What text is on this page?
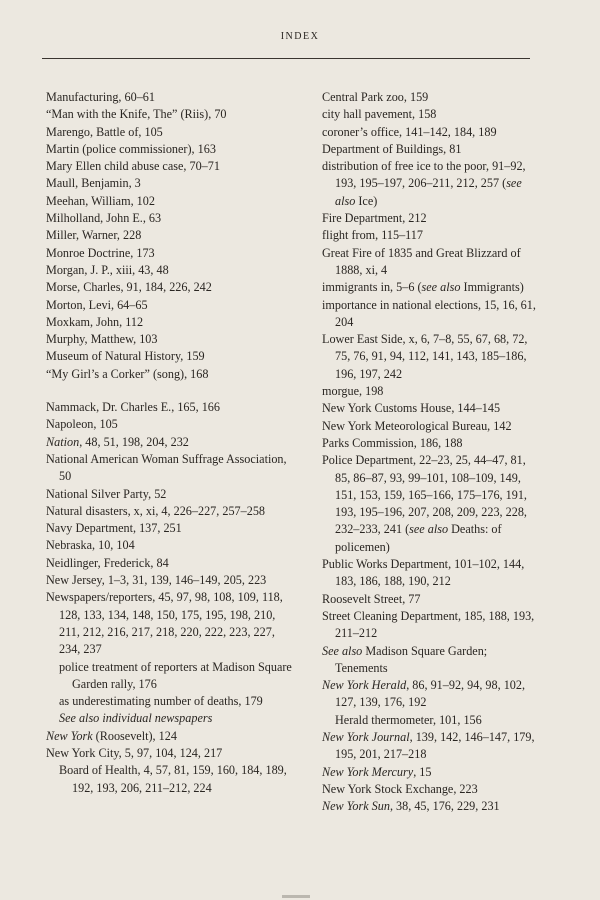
INDEX
Manufacturing, 60–61
“Man with the Knife, The” (Riis), 70
Marengo, Battle of, 105
Martin (police commissioner), 163
Mary Ellen child abuse case, 70–71
Maull, Benjamin, 3
Meehan, William, 102
Milholland, John E., 63
Miller, Warner, 228
Monroe Doctrine, 173
Morgan, J. P., xiii, 43, 48
Morse, Charles, 91, 184, 226, 242
Morton, Levi, 64–65
Moxkam, John, 112
Murphy, Matthew, 103
Museum of Natural History, 159
“My Girl’s a Corker” (song), 168
Nammack, Dr. Charles E., 165, 166
Napoleon, 105
Nation, 48, 51, 198, 204, 232
National American Woman Suffrage Association, 50
National Silver Party, 52
Natural disasters, x, xi, 4, 226–227, 257–258
Navy Department, 137, 251
Nebraska, 10, 104
Neidlinger, Frederick, 84
New Jersey, 1–3, 31, 139, 146–149, 205, 223
Newspapers/reporters, 45, 97, 98, 108, 109, 118, 128, 133, 134, 148, 150, 175, 195, 198, 210, 211, 212, 216, 217, 218, 220, 222, 223, 227, 234, 237
police treatment of reporters at Madison Square Garden rally, 176
as underestimating number of deaths, 179
See also individual newspapers
New York (Roosevelt), 124
New York City, 5, 97, 104, 124, 217
Board of Health, 4, 57, 81, 159, 160, 184, 189, 192, 193, 206, 211–212, 224
Central Park zoo, 159
city hall pavement, 158
coroner’s office, 141–142, 184, 189
Department of Buildings, 81
distribution of free ice to the poor, 91–92, 193, 195–197, 206–211, 212, 257 (see also Ice)
Fire Department, 212
flight from, 115–117
Great Fire of 1835 and Great Blizzard of 1888, xi, 4
immigrants in, 5–6 (see also Immigrants)
importance in national elections, 15, 16, 61, 204
Lower East Side, x, 6, 7–8, 55, 67, 68, 72, 75, 76, 91, 94, 112, 141, 143, 185–186, 196, 197, 242
morgue, 198
New York Customs House, 144–145
New York Meteorological Bureau, 142
Parks Commission, 186, 188
Police Department, 22–23, 25, 44–47, 81, 85, 86–87, 93, 99–101, 108–109, 149, 151, 153, 159, 165–166, 175–176, 191, 193, 195–196, 207, 208, 209, 223, 228, 232–233, 241 (see also Deaths: of policemen)
Public Works Department, 101–102, 144, 183, 186, 188, 190, 212
Roosevelt Street, 77
Street Cleaning Department, 185, 188, 193, 211–212
See also Madison Square Garden; Tenements
New York Herald, 86, 91–92, 94, 98, 102, 127, 139, 176, 192
Herald thermometer, 101, 156
New York Journal, 139, 142, 146–147, 179, 195, 201, 217–218
New York Mercury, 15
New York Stock Exchange, 223
New York Sun, 38, 45, 176, 229, 231
